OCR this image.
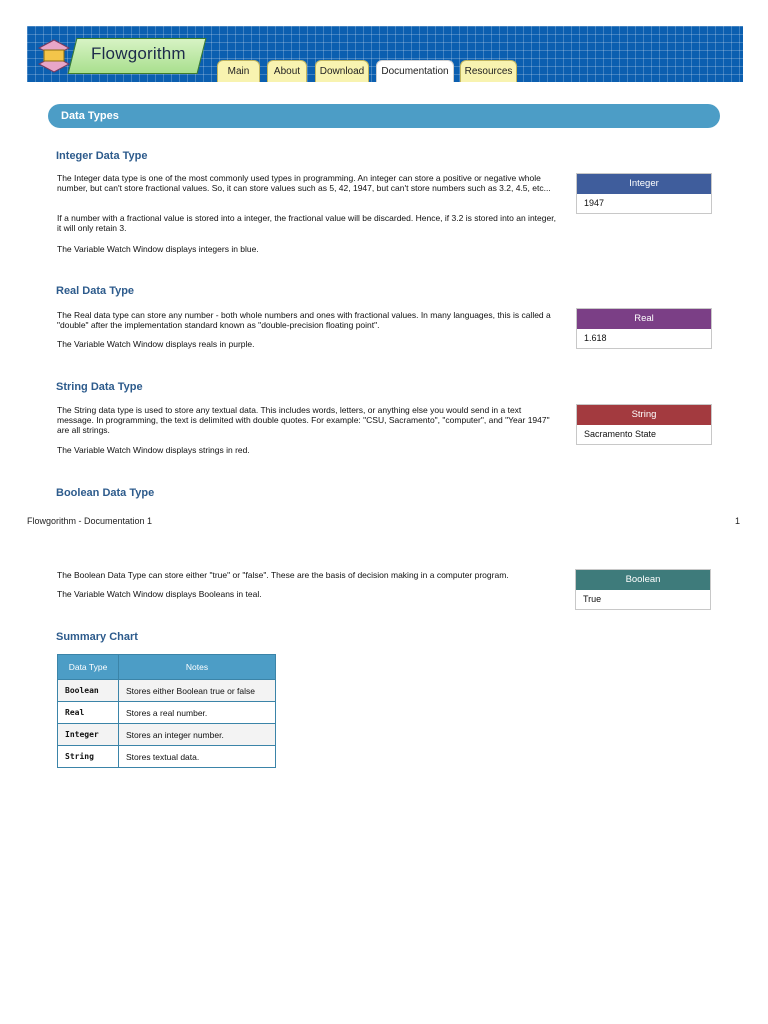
Flowgorithm
Main	About	Download	Documentation	Resources
Data Types
Integer Data Type
The Integer data type is one of the most commonly used types in programming. An integer can store a positive or negative whole number, but can't store fractional values. So, it can store values such as 5, 42, 1947, but can't store numbers such as 3.2, 4.5, etc...
If a number with a fractional value is stored into a integer, the fractional value will be discarded. Hence, if 3.2 is stored into an integer, it will only retain 3.
The Variable Watch Window displays integers in blue.
Integer
1947
Real Data Type
The Real data type can store any number - both whole numbers and ones with fractional values. In many languages, this is called a "double" after the implementation standard known as "double-precision floating point".
The Variable Watch Window displays reals in purple.
Real
1.618
String Data Type
The String data type is used to store any textual data. This includes words, letters, or anything else you would send in a text message. In programming, the text is delimited with double quotes. For example: "CSU, Sacramento", "computer", and "Year 1947" are all strings.
The Variable Watch Window displays strings in red.
String
Sacramento State
Boolean Data Type
Flowgorithm - Documentation 1	1
The Boolean Data Type can store either "true" or "false". These are the basis of decision making in a computer program.
The Variable Watch Window displays Booleans in teal.
Boolean
True
Summary Chart
Data Type	Notes
Boolean	Stores either Boolean true or false
Real	Stores a real number.
Integer	Stores an integer number.
String	Stores textual data.
